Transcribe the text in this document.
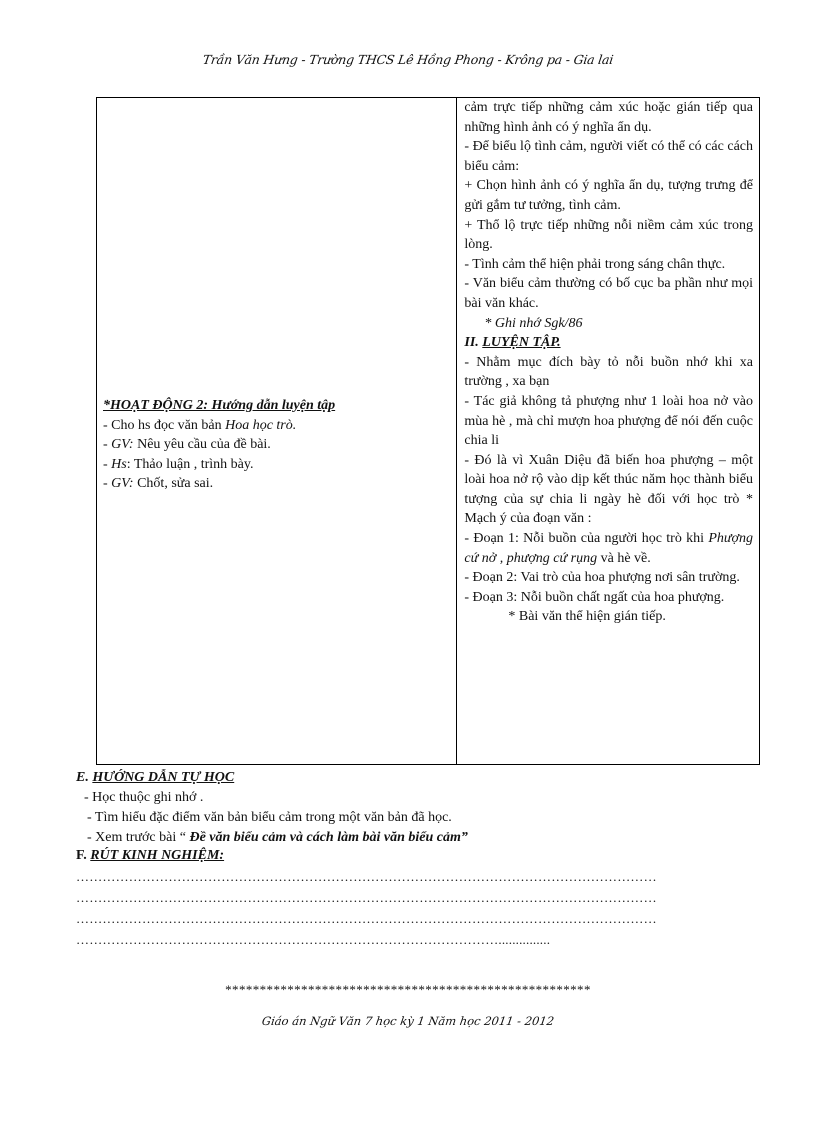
Trần Văn Hưng - Trường THCS Lê Hồng Phong - Krông pa - Gia lai

*HOẠT ĐỘNG 2: Hướng dẫn luyện tập

- Cho hs đọc văn bản Hoa học trò.

- GV: Nêu yêu cầu của đề bài.

- Hs: Thảo luận , trình bày.

- GV: Chốt, sửa sai.

cảm trực tiếp những cảm xúc hoặc gián tiếp qua những hình ảnh có ý nghĩa ẩn dụ.

- Để biểu lộ tình cảm, người viết có thể có các cách biểu cảm:

+ Chọn hình ảnh có ý nghĩa ẩn dụ, tượng trưng để gửi gắm tư tưởng, tình cảm.

+ Thổ lộ trực tiếp những nỗi niềm cảm xúc trong lòng.

- Tình cảm thể hiện phải trong sáng chân thực.

- Văn biểu cảm thường có bố cục ba phần như mọi bài văn khác.

* Ghi nhớ Sgk/86

II. LUYỆN TẬP.

- Nhằm mục đích bày tỏ nỗi buồn nhớ khi xa trường , xa bạn

- Tác giả không tả phượng như 1 loài hoa nở vào mùa hè , mà chỉ mượn hoa phượng để nói đến cuộc chia li

- Đó là vì Xuân Diệu đã biến hoa phượng – một loài hoa nở rộ vào dịp kết thúc năm học thành biểu tượng của sự chia li ngày hè đối với học trò * Mạch ý của đoạn văn :

- Đoạn 1: Nỗi buồn của người học trò khi Phượng cứ nở , phượng cứ rụng và hè về.

- Đoạn 2: Vai trò của hoa phượng nơi sân trường.

- Đoạn 3: Nỗi buồn chất ngất của hoa phượng.

* Bài văn thể hiện gián tiếp.

E. HƯỚNG DẪN TỰ HỌC
- Học thuộc ghi nhớ .
- Tìm hiểu đặc điểm văn bản biểu cảm trong một văn bản đã học.
- Xem trước bài “ Đề văn biểu cảm và cách làm bài văn biểu cảm”
F. RÚT KINH NGHIỆM:
……………………………………………………………………………………………………………………
……………………………………………………………………………………………………………………
……………………………………………………………………………………………………………………
……………………………………………………………………………………...............
*****************************************************
Giáo án Ngữ Văn 7 học kỳ 1 Năm học 2011 - 2012
